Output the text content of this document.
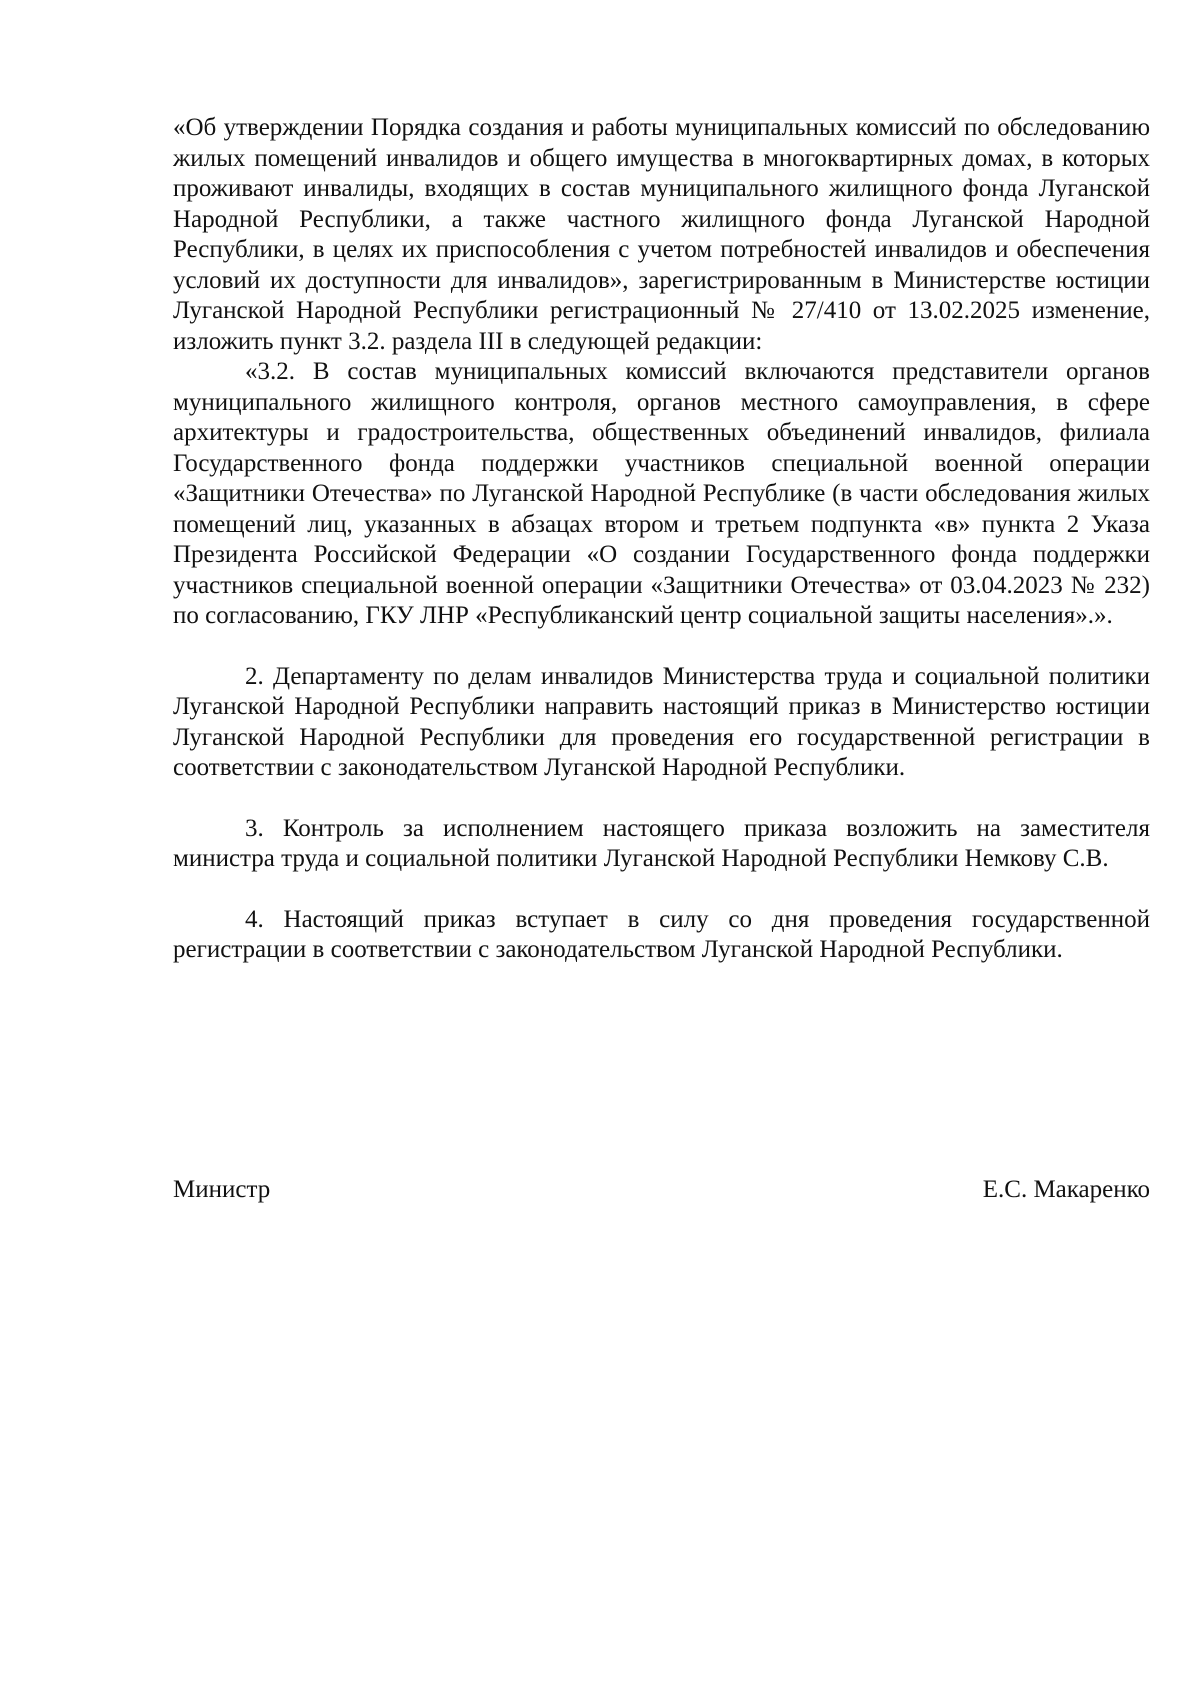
«Об утверждении Порядка создания и работы муниципальных комиссий по обследованию жилых помещений инвалидов и общего имущества в многоквартирных домах, в которых проживают инвалиды, входящих в состав муниципального жилищного фонда Луганской Народной Республики, а также частного жилищного фонда Луганской Народной Республики, в целях их приспособления с учетом потребностей инвалидов и обеспечения условий их доступности для инвалидов», зарегистрированным в Министерстве юстиции Луганской Народной Республики регистрационный № 27/410 от 13.02.2025 изменение, изложить пункт 3.2. раздела III в следующей редакции:

«3.2. В состав муниципальных комиссий включаются представители органов муниципального жилищного контроля, органов местного самоуправления, в сфере архитектуры и градостроительства, общественных объединений инвалидов, филиала Государственного фонда поддержки участников специальной военной операции «Защитники Отечества» по Луганской Народной Республике (в части обследования жилых помещений лиц, указанных в абзацах втором и третьем подпункта «в» пункта 2 Указа Президента Российской Федерации «О создании Государственного фонда поддержки участников специальной военной операции «Защитники Отечества» от 03.04.2023 № 232) по согласованию, ГКУ ЛНР «Республиканский центр социальной защиты населения».».

2. Департаменту по делам инвалидов Министерства труда и социальной политики Луганской Народной Республики направить настоящий приказ в Министерство юстиции Луганской Народной Республики для проведения его государственной регистрации в соответствии с законодательством Луганской Народной Республики.

3. Контроль за исполнением настоящего приказа возложить на заместителя министра труда и социальной политики Луганской Народной Республики Немкову С.В.

4. Настоящий приказ вступает в силу со дня проведения государственной регистрации в соответствии с законодательством Луганской Народной Республики.

Министр	Е.С. Макаренко
